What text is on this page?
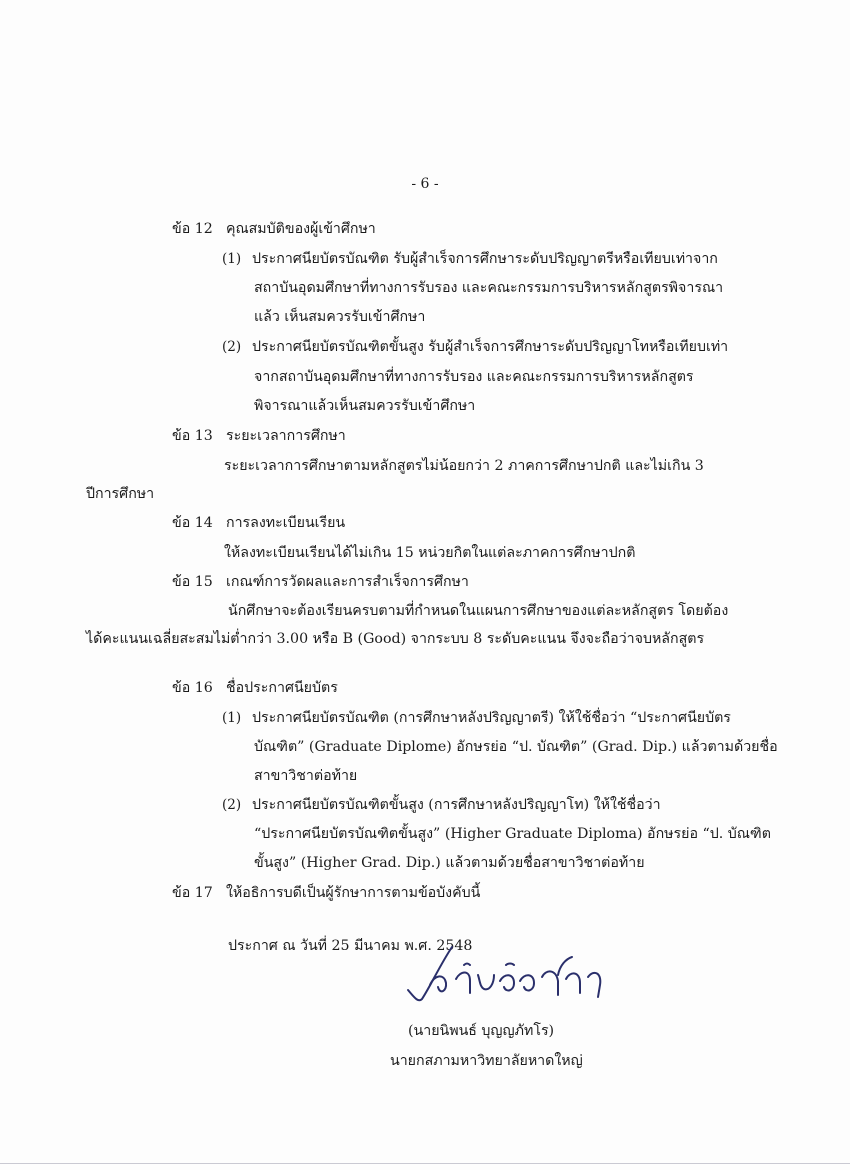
- 6 -
ข้อ 12 คุณสมบัติของผู้เข้าศึกษา
(1) ประกาศนียบัตรบัณฑิต รับผู้สำเร็จการศึกษาระดับปริญญาตรีหรือเทียบเท่าจาก
สถาบันอุดมศึกษาที่ทางการรับรอง และคณะกรรมการบริหารหลักสูตรพิจารณา
แล้ว เห็นสมควรรับเข้าศึกษา
(2) ประกาศนียบัตรบัณฑิตขั้นสูง รับผู้สำเร็จการศึกษาระดับปริญญาโทหรือเทียบเท่า
จากสถาบันอุดมศึกษาที่ทางการรับรอง และคณะกรรมการบริหารหลักสูตร
พิจารณาแล้วเห็นสมควรรับเข้าศึกษา
ข้อ 13 ระยะเวลาการศึกษา
ระยะเวลาการศึกษาตามหลักสูตรไม่น้อยกว่า 2 ภาคการศึกษาปกติ และไม่เกิน 3
ปีการศึกษา
ข้อ 14 การลงทะเบียนเรียน
ให้ลงทะเบียนเรียนได้ไม่เกิน 15 หน่วยกิตในแต่ละภาคการศึกษาปกติ
ข้อ 15 เกณฑ์การวัดผลและการสำเร็จการศึกษา
นักศึกษาจะต้องเรียนครบตามที่กำหนดในแผนการศึกษาของแต่ละหลักสูตร โดยต้อง
ได้คะแนนเฉลี่ยสะสมไม่ต่ำกว่า 3.00 หรือ B (Good) จากระบบ 8 ระดับคะแนน จึงจะถือว่าจบหลักสูตร
ข้อ 16 ชื่อประกาศนียบัตร
(1) ประกาศนียบัตรบัณฑิต (การศึกษาหลังปริญญาตรี) ให้ใช้ชื่อว่า “ประกาศนียบัตร
บัณฑิต” (Graduate Diplome) อักษรย่อ “ป. บัณฑิต” (Grad. Dip.) แล้วตามด้วยชื่อ
สาขาวิชาต่อท้าย
(2) ประกาศนียบัตรบัณฑิตขั้นสูง (การศึกษาหลังปริญญาโท) ให้ใช้ชื่อว่า
“ประกาศนียบัตรบัณฑิตขั้นสูง” (Higher Graduate Diploma) อักษรย่อ “ป. บัณฑิต
ขั้นสูง” (Higher Grad. Dip.) แล้วตามด้วยชื่อสาขาวิชาต่อท้าย
ข้อ 17 ให้อธิการบดีเป็นผู้รักษาการตามข้อบังคับนี้
ประกาศ ณ วันที่ 25 มีนาคม พ.ศ. 2548
(นายนิพนธ์ บุญญภัทโร)
นายกสภามหาวิทยาลัยหาดใหญ่
